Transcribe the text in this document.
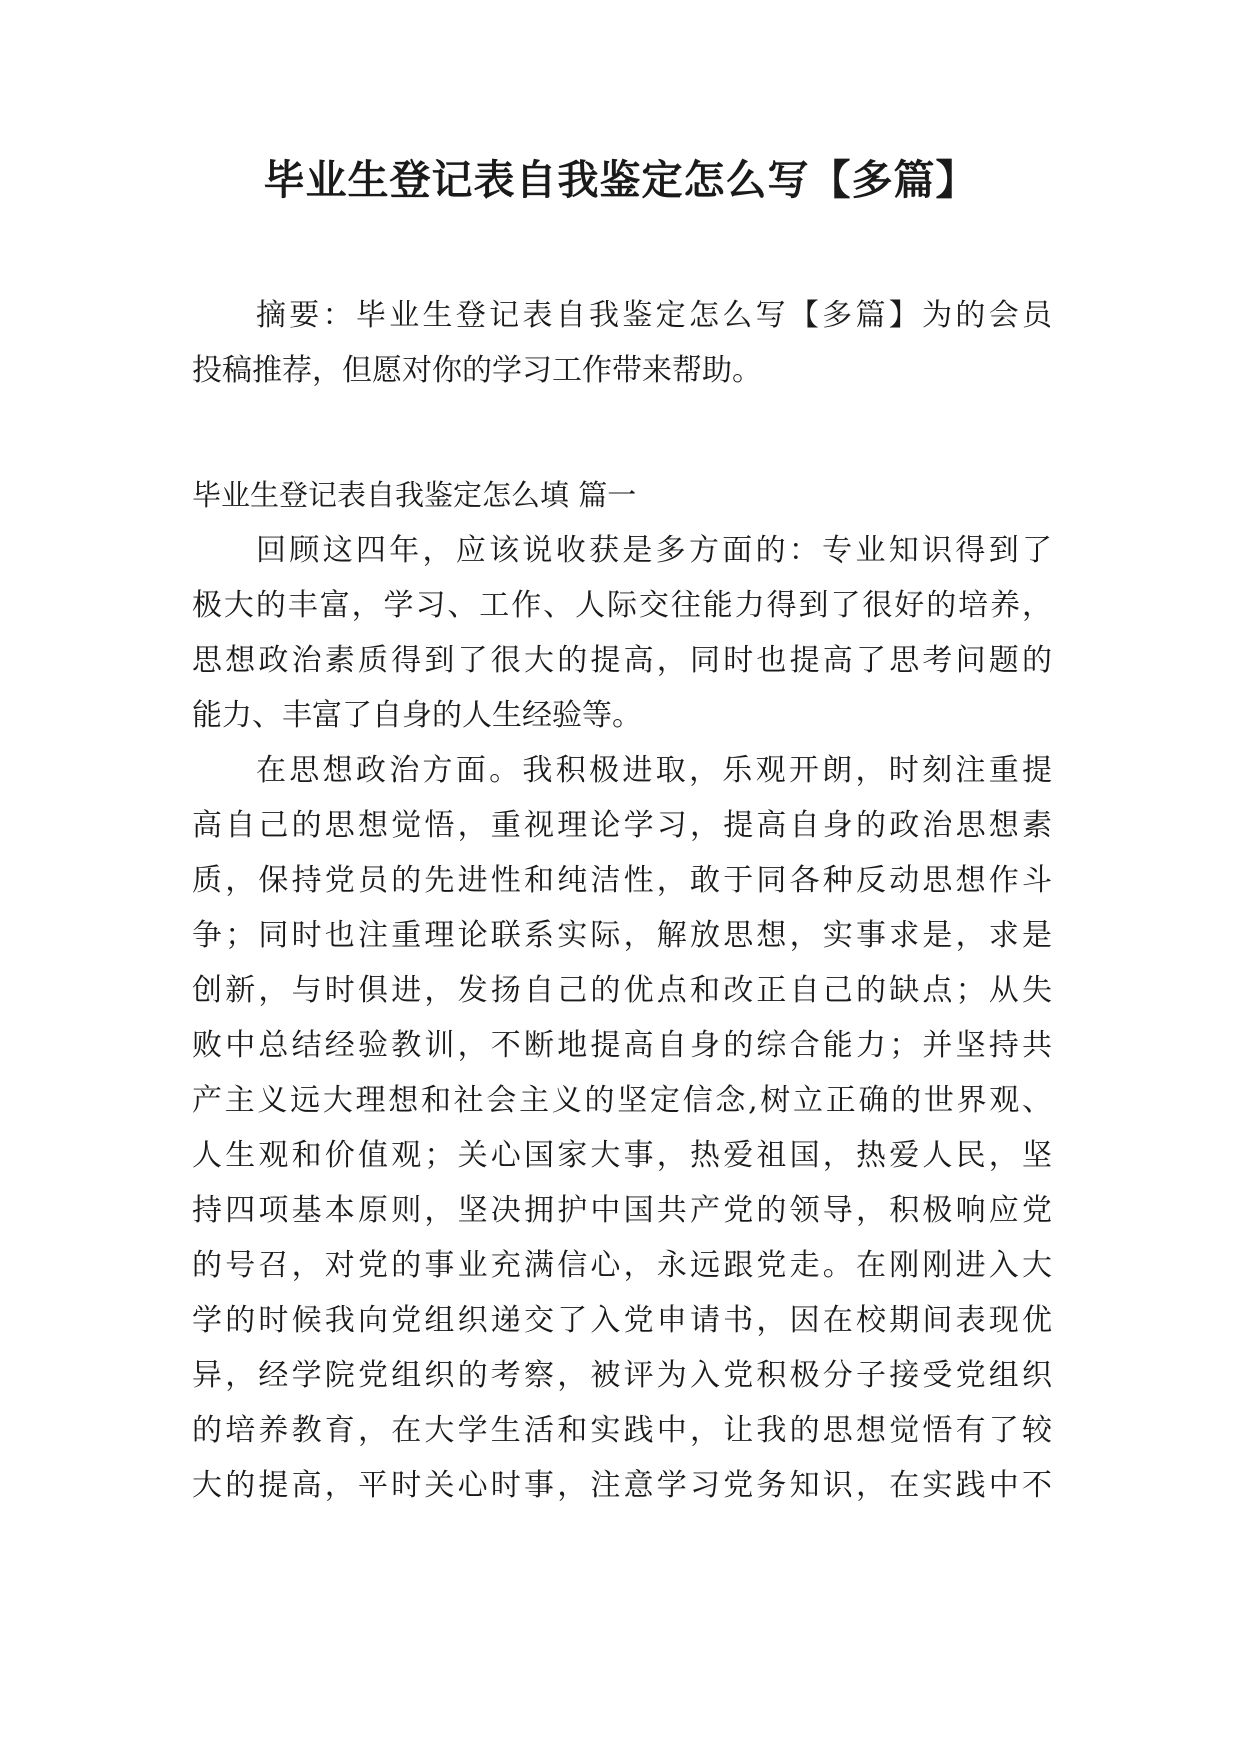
毕业生登记表自我鉴定怎么写【多篇】
摘要：毕业生登记表自我鉴定怎么写【多篇】为的会员
投稿推荐，但愿对你的学习工作带来帮助。
毕业生登记表自我鉴定怎么填 篇一
回顾这四年，应该说收获是多方面的：专业知识得到了
极大的丰富，学习、工作、人际交往能力得到了很好的培养，
思想政治素质得到了很大的提高，同时也提高了思考问题的
能力、丰富了自身的人生经验等。
在思想政治方面。我积极进取，乐观开朗，时刻注重提
高自己的思想觉悟，重视理论学习，提高自身的政治思想素
质，保持党员的先进性和纯洁性，敢于同各种反动思想作斗
争；同时也注重理论联系实际，解放思想，实事求是，求是
创新，与时俱进，发扬自己的优点和改正自己的缺点；从失
败中总结经验教训，不断地提高自身的综合能力；并坚持共
产主义远大理想和社会主义的坚定信念,树立正确的世界观、
人生观和价值观；关心国家大事，热爱祖国，热爱人民，坚
持四项基本原则，坚决拥护中国共产党的领导，积极响应党
的号召，对党的事业充满信心，永远跟党走。在刚刚进入大
学的时候我向党组织递交了入党申请书，因在校期间表现优
异，经学院党组织的考察，被评为入党积极分子接受党组织
的培养教育，在大学生活和实践中，让我的思想觉悟有了较
大的提高，平时关心时事，注意学习党务知识，在实践中不
